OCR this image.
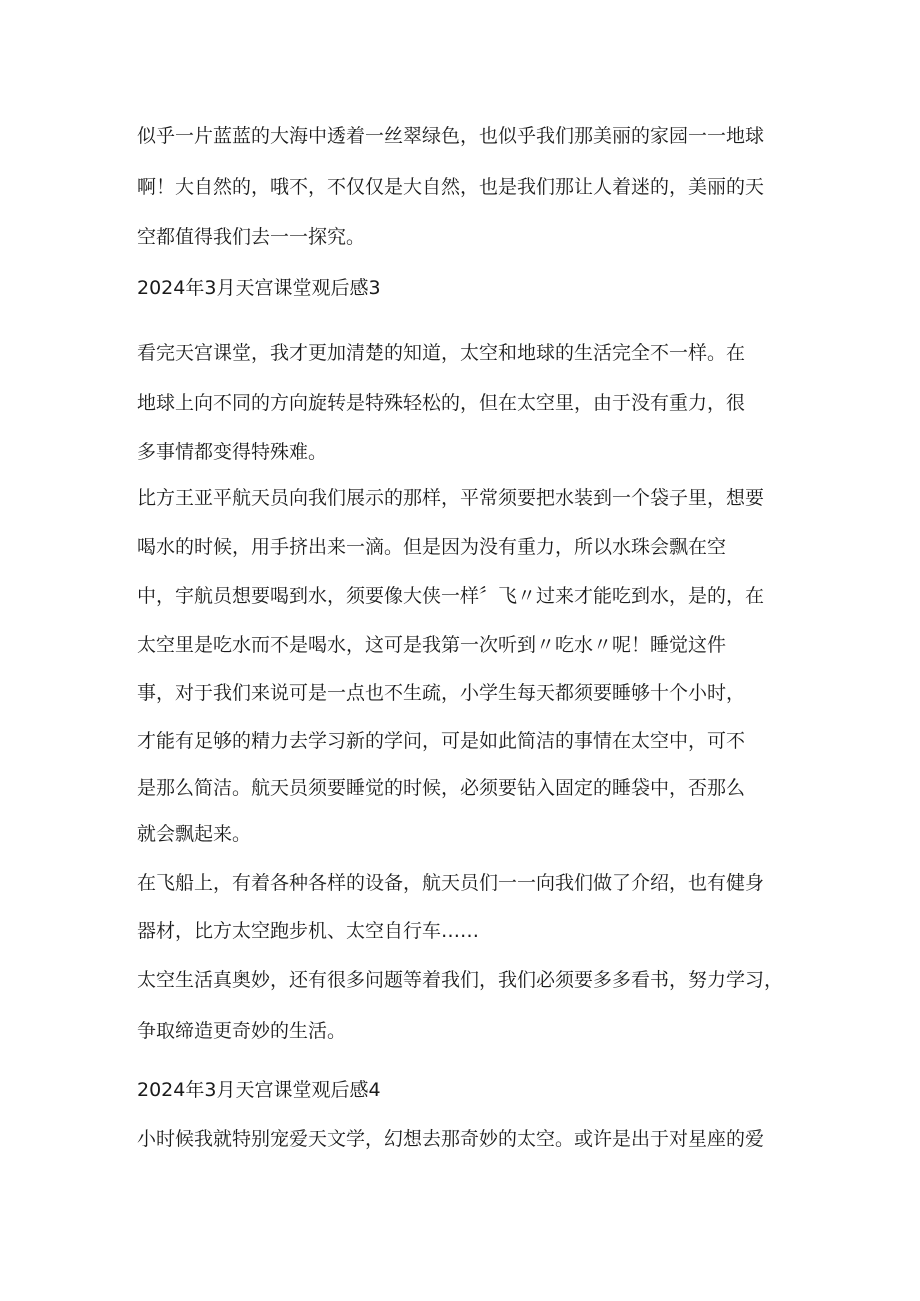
似乎一片蓝蓝的大海中透着一丝翠绿色，也似乎我们那美丽的家园一一地球
啊！大自然的，哦不，不仅仅是大自然，也是我们那让人着迷的，美丽的天
空都值得我们去一一探究。
2024年3月天宫课堂观后感3
看完天宫课堂，我才更加清楚的知道，太空和地球的生活完全不一样。在
地球上向不同的方向旋转是特殊轻松的，但在太空里，由于没有重力，很
多事情都变得特殊难。
比方王亚平航天员向我们展示的那样，平常须要把水装到一个袋子里，想要
喝水的时候，用手挤出来一滴。但是因为没有重力，所以水珠会飘在空
中，宇航员想要喝到水，须要像大侠一样〞飞〃过来才能吃到水，是的，在
太空里是吃水而不是喝水，这可是我第一次听到〃吃水〃呢！睡觉这件
事，对于我们来说可是一点也不生疏，小学生每天都须要睡够十个小时，
才能有足够的精力去学习新的学问，可是如此简洁的事情在太空中，可不
是那么简洁。航天员须要睡觉的时候，必须要钻入固定的睡袋中，否那么
就会飘起来。
在飞船上，有着各种各样的设备，航天员们一一向我们做了介绍，也有健身
器材，比方太空跑步机、太空自行车……
太空生活真奥妙，还有很多问题等着我们，我们必须要多多看书，努力学习，
争取缔造更奇妙的生活。
2024年3月天宫课堂观后感4
小时候我就特别宠爱天文学，幻想去那奇妙的太空。或许是出于对星座的爱
